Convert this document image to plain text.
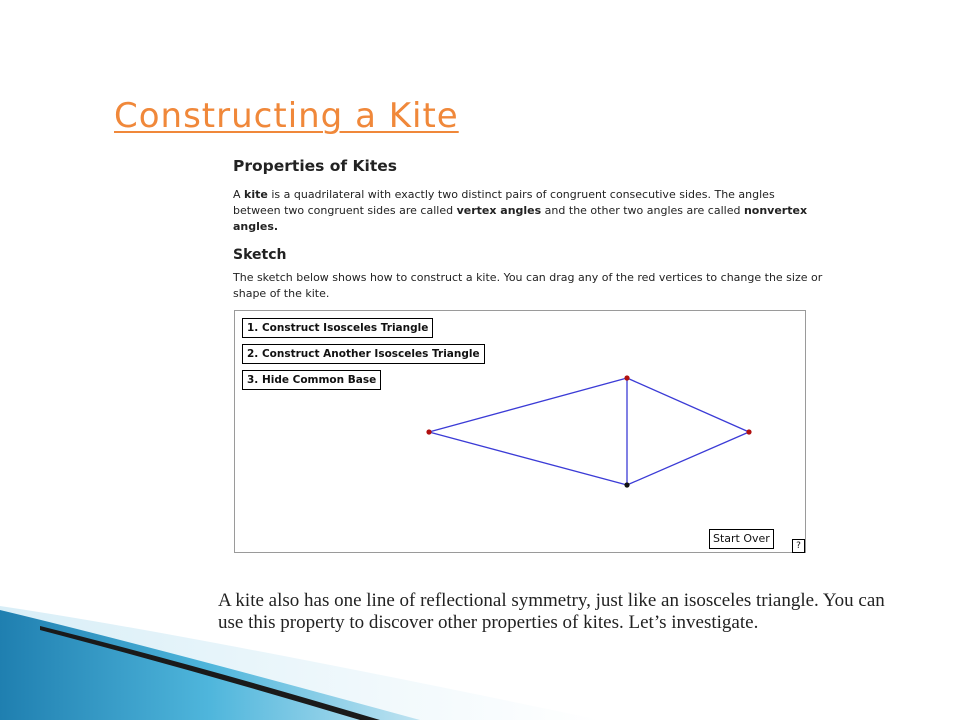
Constructing a Kite
Properties of Kites
A kite is a quadrilateral with exactly two distinct pairs of congruent consecutive sides. The angles between two congruent sides are called vertex angles and the other two angles are called nonvertex angles.
Sketch
The sketch below shows how to construct a kite. You can drag any of the red vertices to change the size or shape of the kite.
1. Construct Isosceles Triangle
2. Construct Another Isosceles Triangle
3. Hide Common Base
Start Over
?
A kite also has one line of reflectional symmetry, just like an isosceles triangle. You can use this property to discover other properties of kites. Let’s investigate.
